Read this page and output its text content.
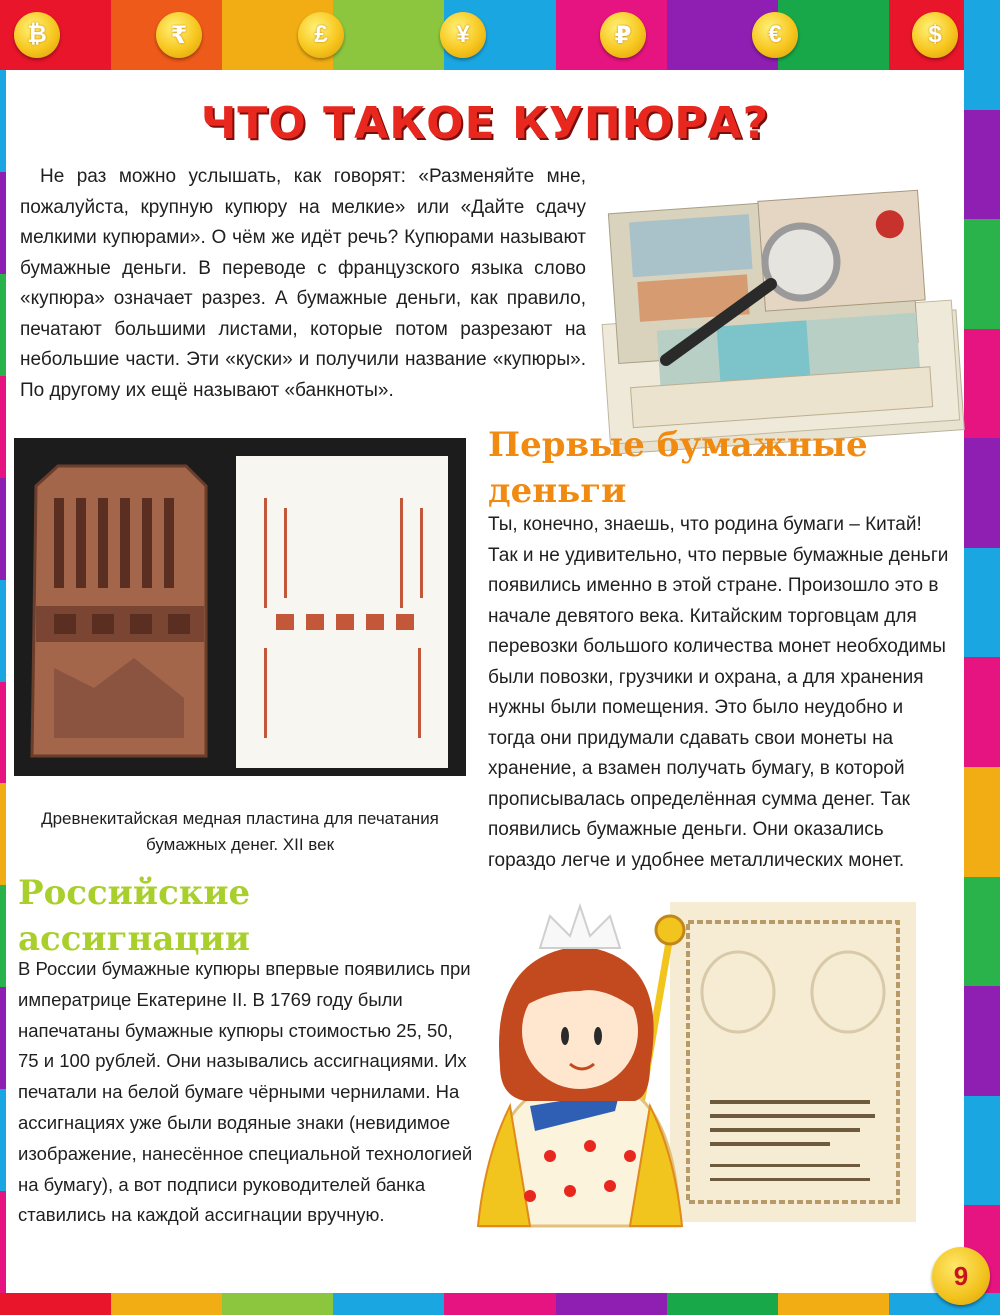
₿	₹	£	¥	₽	€	$
ЧТО ТАКОЕ КУПЮРА?

Не раз можно услышать, как говорят: «Разменяйте мне, пожалуйста, крупную купюру на мелкие» или «Дайте сдачу мелкими купюрами». О чём же идёт речь? Купюрами называют бумажные деньги. В переводе с французского языка слово «купюра» означает разрез. А бумажные деньги, как правило, печатают большими листами, которые потом разрезают на небольшие части. Эти «куски» и получили название «купюры». По другому их ещё называют «банкноты».

Древнекитайская медная пластина для печатания бумажных денег. XII век

Первые бумажные деньги

Ты, конечно, знаешь, что родина бумаги – Китай! Так и не удивительно, что первые бумажные деньги появились именно в этой стране. Произошло это в начале девятого века. Китайским торговцам для перевозки большого количества монет необходимы были повозки, грузчики и охрана, а для хранения нужны были помещения. Это было неудобно и тогда они придумали сдавать свои монеты на хранение, а взамен получать бумагу, в которой прописывалась определённая сумма денег. Так появились бумажные деньги. Они оказались гораздо легче и удобнее металлических монет.

Российские ассигнации

В России бумажные купюры впервые появились при императрице Екатерине II. В 1769 году были напечатаны бумажные купюры стоимостью 25, 50, 75 и 100 рублей. Они назывались ассигнациями. Их печатали на белой бумаге чёрными чернилами. На ассигнациях уже были водяные знаки (невидимое изображение, нанесённое специальной технологией на бумагу), а вот подписи руководителей банка ставились на каждой ассигнации вручную.

9
